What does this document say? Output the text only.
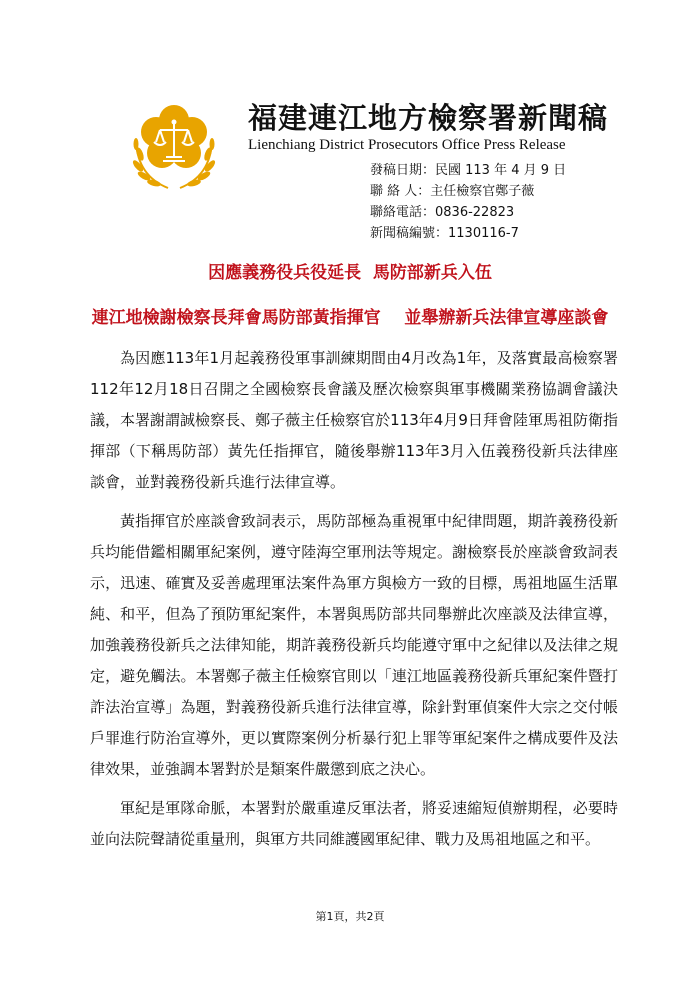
福建連江地方檢察署新聞稿

Lienchiang District Prosecutors Office Press Release

發稿日期：民國 113 年 4 月 9 日
聯 絡 人：主任檢察官鄭子薇
聯絡電話：0836-22823
新聞稿編號：1130116-7
因應義務役兵役延長  馬防部新兵入伍
連江地檢謝檢察長拜會馬防部黃指揮官    並舉辦新兵法律宣導座談會

為因應113年1月起義務役軍事訓練期間由4月改為1年，及落實最高檢察署112年12月18日召開之全國檢察長會議及歷次檢察與軍事機關業務協調會議決議，本署謝謂誠檢察長、鄭子薇主任檢察官於113年4月9日拜會陸軍馬祖防衛指揮部（下稱馬防部）黃先任指揮官，隨後舉辦113年3月入伍義務役新兵法律座談會，並對義務役新兵進行法律宣導。

黃指揮官於座談會致詞表示，馬防部極為重視軍中紀律問題，期許義務役新兵均能借鑑相關軍紀案例，遵守陸海空軍刑法等規定。謝檢察長於座談會致詞表示，迅速、確實及妥善處理軍法案件為軍方與檢方一致的目標，馬祖地區生活單純、和平，但為了預防軍紀案件，本署與馬防部共同舉辦此次座談及法律宣導，加強義務役新兵之法律知能，期許義務役新兵均能遵守軍中之紀律以及法律之規定，避免觸法。本署鄭子薇主任檢察官則以「連江地區義務役新兵軍紀案件暨打詐法治宣導」為題，對義務役新兵進行法律宣導，除針對軍偵案件大宗之交付帳戶罪進行防治宣導外，更以實際案例分析暴行犯上罪等軍紀案件之構成要件及法律效果，並強調本署對於是類案件嚴懲到底之決心。

軍紀是軍隊命脈，本署對於嚴重違反軍法者，將妥速縮短偵辦期程，必要時並向法院聲請從重量刑，與軍方共同維護國軍紀律、戰力及馬祖地區之和平。

第1頁，共2頁
